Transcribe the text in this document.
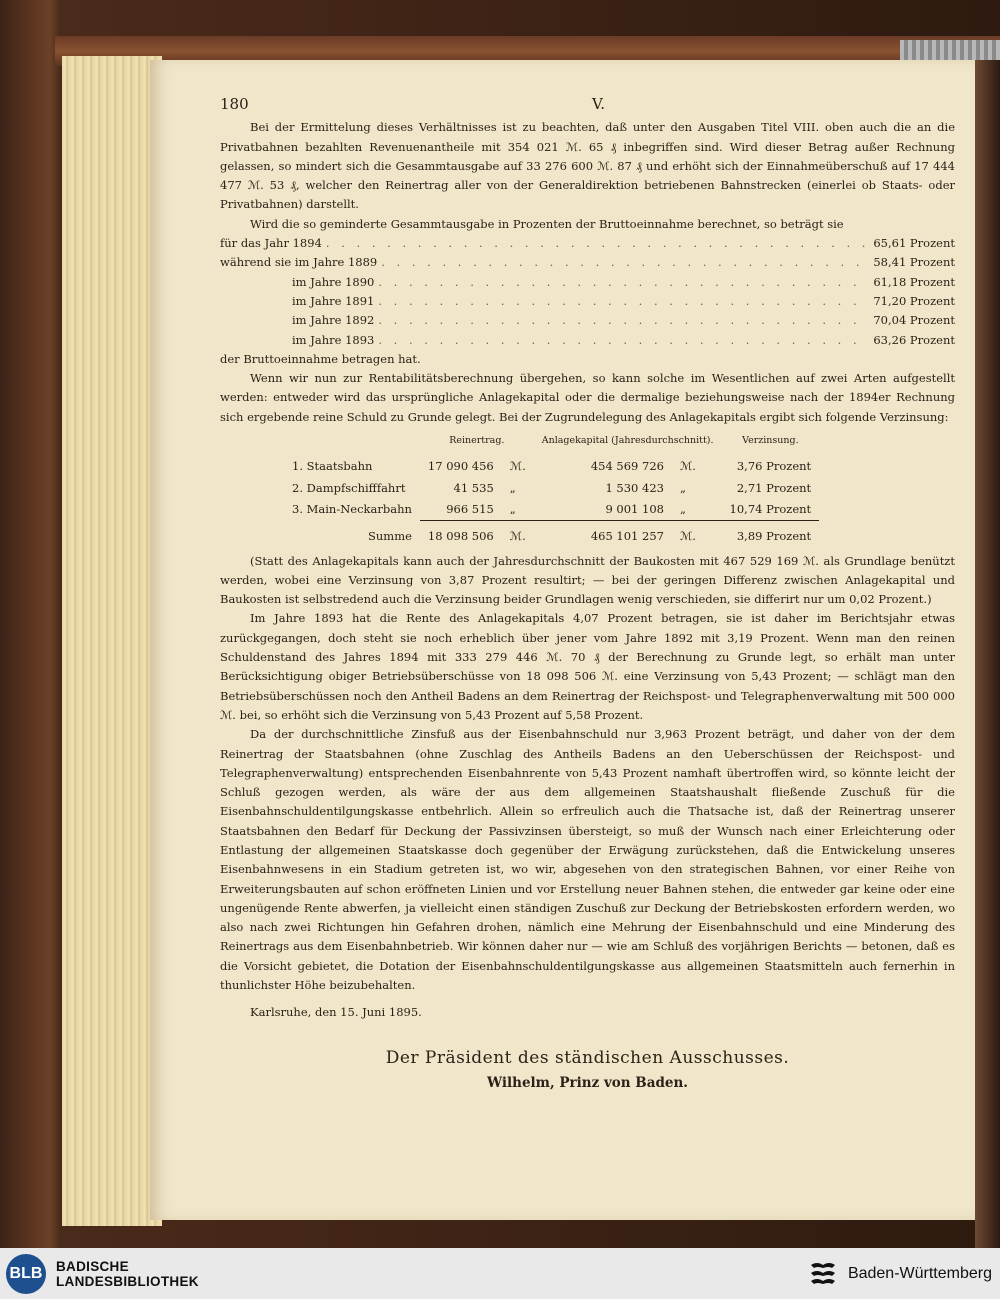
180	V.

Bei der Ermittelung dieses Verhältnisses ist zu beachten, daß unter den Ausgaben Titel VIII. oben auch die an die Privatbahnen bezahlten Revenuenantheile mit 354 021 ℳ. 65 ₰ inbegriffen sind. Wird dieser Betrag außer Rechnung gelassen, so mindert sich die Gesammtausgabe auf 33 276 600 ℳ. 87 ₰ und erhöht sich der Einnahmeüberschuß auf 17 444 477 ℳ. 53 ₰, welcher den Reinertrag aller von der Generaldirektion betriebenen Bahnstrecken (einerlei ob Staats- oder Privatbahnen) darstellt.

Wird die so geminderte Gesammtausgabe in Prozenten der Bruttoeinnahme berechnet, so beträgt sie

für das Jahr 1894 . . .	65,61 Prozent
während sie im Jahre 1889 . . .	58,41 Prozent
im Jahre 1890 . . .	61,18 Prozent
im Jahre 1891 . . .	71,20 Prozent
im Jahre 1892 . . .	70,04 Prozent
im Jahre 1893 . . .	63,26 Prozent

der Bruttoeinnahme betragen hat.

Wenn wir nun zur Rentabilitätsberechnung übergehen, so kann solche im Wesentlichen auf zwei Arten aufgestellt werden: entweder wird das ursprüngliche Anlagekapital oder die dermalige beziehungsweise nach der 1894er Rechnung sich ergebende reine Schuld zu Grunde gelegt. Bei der Zugrundelegung des Anlagekapitals ergibt sich folgende Verzinsung:

	Reinertrag.		Anlagekapital (Jahresdurchschnitt).		Verzinsung.
1. Staatsbahn	17 090 456	ℳ.	454 569 726	ℳ.	3,76 Prozent
2. Dampfschifffahrt	41 535	„	1 530 423	„	2,71 Prozent
3. Main-Neckarbahn	966 515	„	9 001 108	„	10,74 Prozent
Summe	18 098 506	ℳ.	465 101 257	ℳ.	3,89 Prozent

(Statt des Anlagekapitals kann auch der Jahresdurchschnitt der Baukosten mit 467 529 169 ℳ. als Grundlage benützt werden, wobei eine Verzinsung von 3,87 Prozent resultirt; — bei der geringen Differenz zwischen Anlagekapital und Baukosten ist selbstredend auch die Verzinsung beider Grundlagen wenig verschieden, sie differirt nur um 0,02 Prozent.)

Im Jahre 1893 hat die Rente des Anlagekapitals 4,07 Prozent betragen, sie ist daher im Berichtsjahr etwas zurückgegangen, doch steht sie noch erheblich über jener vom Jahre 1892 mit 3,19 Prozent. Wenn man den reinen Schuldenstand des Jahres 1894 mit 333 279 446 ℳ. 70 ₰ der Berechnung zu Grunde legt, so erhält man unter Berücksichtigung obiger Betriebsüberschüsse von 18 098 506 ℳ. eine Verzinsung von 5,43 Prozent; — schlägt man den Betriebsüberschüssen noch den Antheil Badens an dem Reinertrag der Reichspost- und Telegraphenverwaltung mit 500 000 ℳ. bei, so erhöht sich die Verzinsung von 5,43 Prozent auf 5,58 Prozent.

Da der durchschnittliche Zinsfuß aus der Eisenbahnschuld nur 3,963 Prozent beträgt, und daher von der dem Reinertrag der Staatsbahnen (ohne Zuschlag des Antheils Badens an den Ueberschüssen der Reichspost- und Telegraphenverwaltung) entsprechenden Eisenbahnrente von 5,43 Prozent namhaft übertroffen wird, so könnte leicht der Schluß gezogen werden, als wäre der aus dem allgemeinen Staatshaushalt fließende Zuschuß für die Eisenbahnschuldentilgungskasse entbehrlich. Allein so erfreulich auch die Thatsache ist, daß der Reinertrag unserer Staatsbahnen den Bedarf für Deckung der Passivzinsen übersteigt, so muß der Wunsch nach einer Erleichterung oder Entlastung der allgemeinen Staatskasse doch gegenüber der Erwägung zurückstehen, daß die Entwickelung unseres Eisenbahnwesens in ein Stadium getreten ist, wo wir, abgesehen von den strategischen Bahnen, vor einer Reihe von Erweiterungsbauten auf schon eröffneten Linien und vor Erstellung neuer Bahnen stehen, die entweder gar keine oder eine ungenügende Rente abwerfen, ja vielleicht einen ständigen Zuschuß zur Deckung der Betriebskosten erfordern werden, wo also nach zwei Richtungen hin Gefahren drohen, nämlich eine Mehrung der Eisenbahnschuld und eine Minderung des Reinertrags aus dem Eisenbahnbetrieb. Wir können daher nur — wie am Schluß des vorjährigen Berichts — betonen, daß es die Vorsicht gebietet, die Dotation der Eisenbahnschuldentilgungskasse aus allgemeinen Staatsmitteln auch fernerhin in thunlichster Höhe beizubehalten.

Karlsruhe, den 15. Juni 1895.

Der Präsident des ständischen Ausschusses.
Wilhelm, Prinz von Baden.
BLB BADISCHE
LANDESBIBLIOTHEK	Baden-Württemberg
